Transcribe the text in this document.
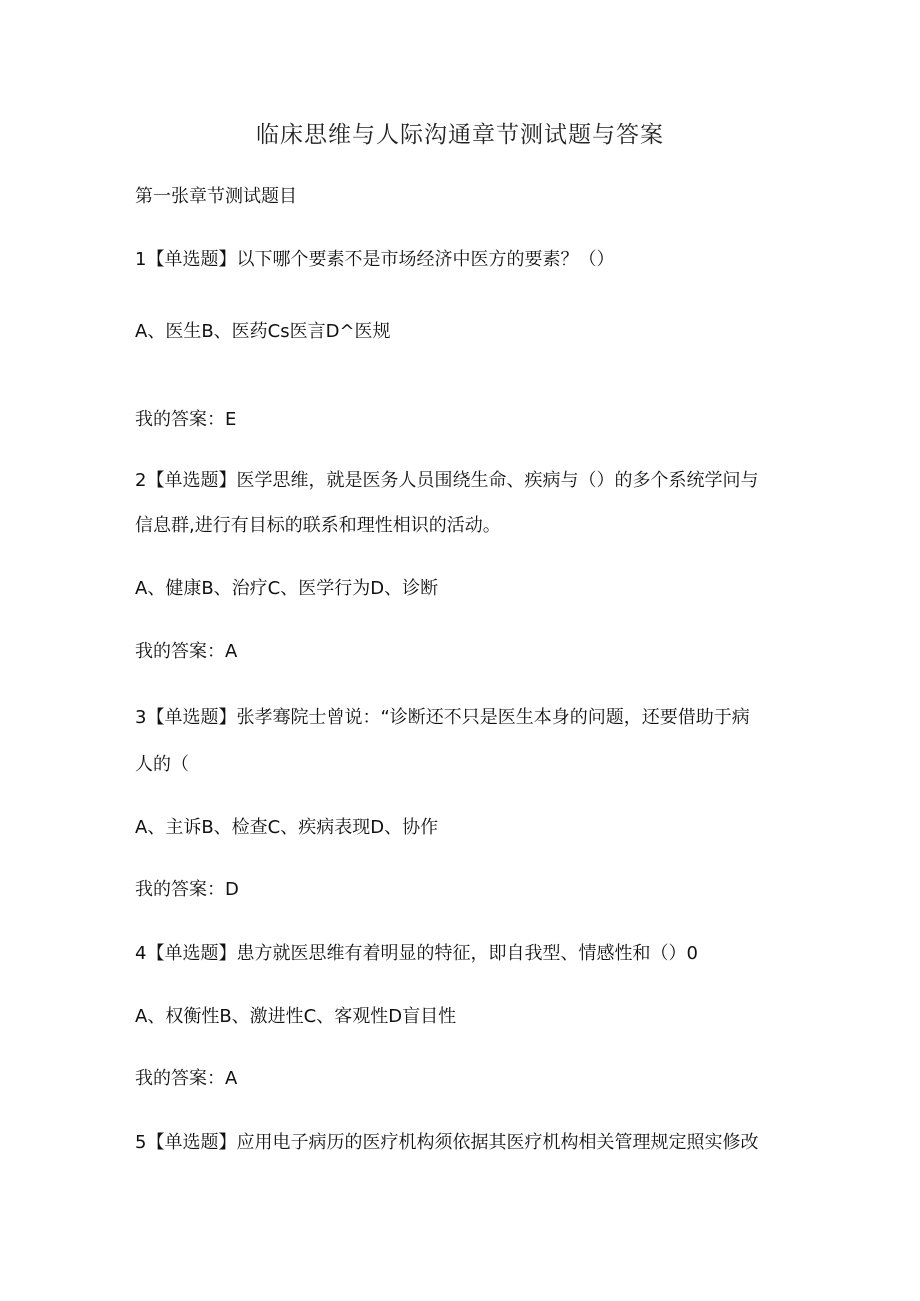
临床思维与人际沟通章节测试题与答案
第一张章节测试题目
1【单选题】以下哪个要素不是市场经济中医方的要素？（）
A、医生B、医药Cs医言D^医规
我的答案：E
2【单选题】医学思维，就是医务人员围绕生命、疾病与（）的多个系统学问与
信息群,进行有目标的联系和理性相识的活动。
A、健康B、治疗C、医学行为D、诊断
我的答案：A
3【单选题】张孝骞院士曾说：“诊断还不只是医生本身的问题，还要借助于病
人的（
A、主诉B、检查C、疾病表现D、协作
我的答案：D
4【单选题】患方就医思维有着明显的特征，即自我型、情感性和（）0
A、权衡性B、激进性C、客观性D盲目性
我的答案：A
5【单选题】应用电子病历的医疗机构须依据其医疗机构相关管理规定照实修改
